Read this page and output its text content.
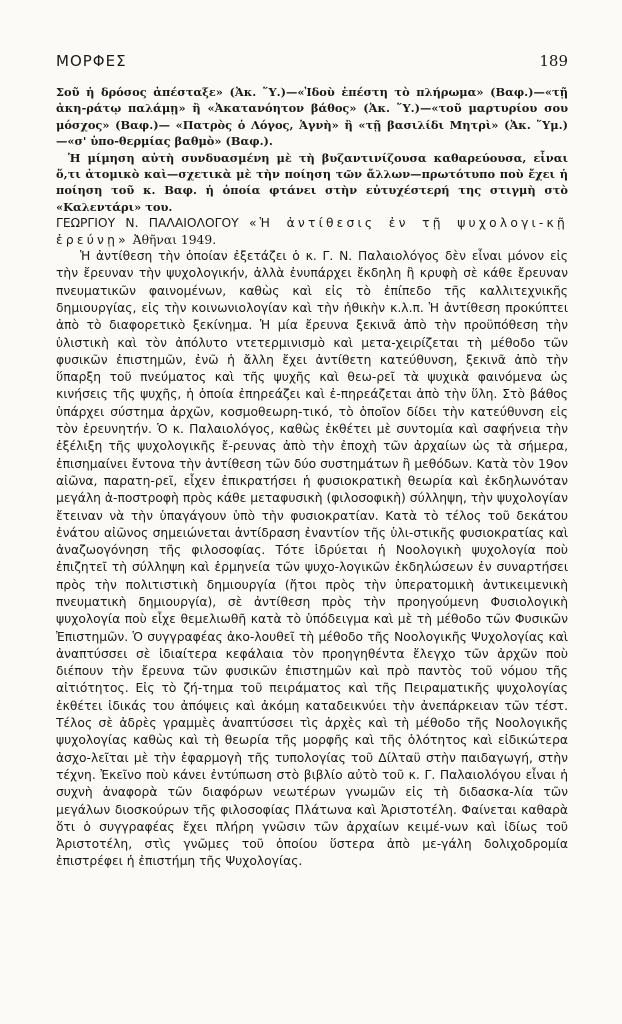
ΜΟΡΦΕΣ	189

Σοῦ ἡ δρόσος ἀπέσταξε» (Ἀκ. ῞Υ.)—«Ἰδοὺ ἐπέστη τὸ πλήρωμα» (Βαφ.)—«τῇ ἀκη-ράτῳ παλάμῃ» ἢ «Ἀκατανόητον βάθος» (Ἀκ. ῞Υ.)—«τοῦ μαρτυρίου σου μόσχος» (Βαφ.)— «Πατρὸς ὁ Λόγος, Ἁγνὴ» ἢ «τῇ βασιλίδι Μητρὶ» (Ἀκ. ῞Υμ.)—«σ' ὑπο-θερμίας βαθμὸ» (Βαφ.).

Ἡ μίμηση αὐτὴ συνδυασμένη μὲ τὴ βυζαντινίζουσα καθαρεύουσα, εἶναι ὅ,τι ἀτομικὸ καὶ—σχετικὰ μὲ τὴν ποίηση τῶν ἄλλων—πρωτότυπο ποὺ ἔχει ἡ ποίηση τοῦ κ. Βαφ. ἡ ὁποία φτάνει στὴν εὐτυχέστερή της στιγμὴ στὸ «Καλεντάρι» του.

ΓΕΩΡΓΙΟΥ Ν. ΠΑΛΑΙΟΛΟΓΟΥ «Ἡ ἀντίθεσις ἐν τῇ ψυχολογι-κῇ ἐρεύνῃ» Ἀθῆναι 1949.

Ἡ ἀντίθεση τὴν ὁποίαν ἐξετάζει ὁ κ. Γ. Ν. Παλαιολόγος δὲν εἶναι μόνον εἰς τὴν ἔρευναν τὴν ψυχολογικήν, ἀλλὰ ἐνυπάρχει ἔκδηλη ἢ κρυφὴ σὲ κάθε ἔρευναν πνευματικῶν φαινομένων, καθὼς καὶ εἰς τὸ ἐπίπεδο τῆς καλλιτεχνικῆς δημιουργίας, εἰς τὴν κοινωνιολογίαν καὶ τὴν ἠθικὴν κ.λ.π. Ἡ ἀντίθεση προκύπτει ἀπὸ τὸ διαφορετικὸ ξεκίνημα. Ἡ μία ἔρευνα ξεκινᾶ ἀπὸ τὴν προϋπόθεση τὴν ὑλιστικὴ καὶ τὸν ἀπόλυτο ντετερμινισμὸ καὶ μετα-χειρίζεται τὴ μέθοδο τῶν φυσικῶν ἐπιστημῶν, ἐνῶ ἡ ἄλλη ἔχει ἀντίθετη κατεύθυνση, ξεκινᾶ ἀπὸ τὴν ὕπαρξη τοῦ πνεύματος καὶ τῆς ψυχῆς καὶ θεω-ρεῖ τὰ ψυχικὰ φαινόμενα ὡς κινήσεις τῆς ψυχῆς, ἡ ὁποία ἐπηρεάζει καὶ ἐ-πηρεάζεται ἀπὸ τὴν ὕλη. Στὸ βάθος ὑπάρχει σύστημα ἀρχῶν, κοσμοθεωρη-τικό, τὸ ὁποῖον δίδει τὴν κατεύθυνση εἰς τὸν ἐρευνητήν. Ὁ κ. Παλαιολόγος, καθὼς ἐκθέτει μὲ συντομία καὶ σαφήνεια τὴν ἐξέλιξη τῆς ψυχολογικῆς ἔ-ρευνας ἀπὸ τὴν ἐποχὴ τῶν ἀρχαίων ὡς τὰ σήμερα, ἐπισημαίνει ἔντονα τὴν ἀντίθεση τῶν δύο συστημάτων ἢ μεθόδων. Κατὰ τὸν 19ον αἰῶνα, παρατη-ρεῖ, εἶχεν ἐπικρατήσει ἡ φυσιοκρατικὴ θεωρία καὶ ἐκδηλωνόταν μεγάλη ἀ-ποστροφὴ πρὸς κάθε μεταφυσικὴ (φιλοσοφικὴ) σύλληψη, τὴν ψυχολογίαν ἔτειναν νὰ τὴν ὑπαγάγουν ὑπὸ τὴν φυσιοκρατίαν. Κατὰ τὸ τέλος τοῦ δεκάτου ἐνάτου αἰῶνος σημειώνεται ἀντίδραση ἐναντίον τῆς ὑλι-στικῆς φυσιοκρατίας καὶ ἀναζωογόνηση τῆς φιλοσοφίας. Τότε ἱδρύεται ἡ Νοολογικὴ ψυχολογία ποὺ ἐπιζητεῖ τὴ σύλληψη καὶ ἑρμηνεία τῶν ψυχο-λογικῶν ἐκδηλώσεων ἐν συναρτήσει πρὸς τὴν πολιτιστικὴ δημιουργία (ἤτοι πρὸς τὴν ὑπερατομικὴ ἀντικειμενικὴ πνευματικὴ δημιουργία), σὲ ἀντίθεση πρὸς τὴν προηγούμενη Φυσιολογικὴ ψυχολογία ποὺ εἶχε θεμελιωθῆ κατὰ τὸ ὑπόδειγμα καὶ μὲ τὴ μέθοδο τῶν Φυσικῶν Ἐπιστημῶν. Ὁ συγγραφέας ἀκο-λουθεῖ τὴ μέθοδο τῆς Νοολογικῆς Ψυχολογίας καὶ ἀναπτύσσει σὲ ἰδιαίτερα κεφάλαια τὸν προηγηθέντα ἔλεγχο τῶν ἀρχῶν ποὺ διέπουν τὴν ἔρευνα τῶν φυσικῶν ἐπιστημῶν καὶ πρὸ παντὸς τοῦ νόμου τῆς αἰτιότητος. Εἰς τὸ ζή-τημα τοῦ πειράματος καὶ τῆς Πειραματικῆς ψυχολογίας ἐκθέτει ἰδικάς του ἀπόψεις καὶ ἀκόμη καταδεικνύει τὴν ἀνεπάρκειαν τῶν τέστ. Τέλος σὲ ἀδρὲς γραμμὲς ἀναπτύσσει τὶς ἀρχὲς καὶ τὴ μέθοδο τῆς Νοολογικῆς ψυχολογίας καθὼς καὶ τὴ θεωρία τῆς μορφῆς καὶ τῆς ὁλότητος καὶ εἰδικώτερα ἀσχο-λεῖται μὲ τὴν ἐφαρμογὴ τῆς τυπολογίας τοῦ Δίλταϋ στὴν παιδαγωγή, στὴν τέχνη. Ἐκεῖνο ποὺ κάνει ἐντύπωση στὸ βιβλίο αὐτὸ τοῦ κ. Γ. Παλαιολόγου εἶναι ἡ συχνὴ ἀναφορὰ τῶν διαφόρων νεωτέρων γνωμῶν εἰς τὴ διδασκα-λία τῶν μεγάλων διοσκούρων τῆς φιλοσοφίας Πλάτωνα καὶ Ἀριστοτέλη. Φαίνεται καθαρὰ ὅτι ὁ συγγραφέας ἔχει πλήρη γνῶσιν τῶν ἀρχαίων κειμέ-νων καὶ ἰδίως τοῦ Ἀριστοτέλη, στὶς γνῶμες τοῦ ὁποίου ὕστερα ἀπὸ με-γάλη δολιχοδρομία ἐπιστρέφει ἡ ἐπιστήμη τῆς Ψυχολογίας.
